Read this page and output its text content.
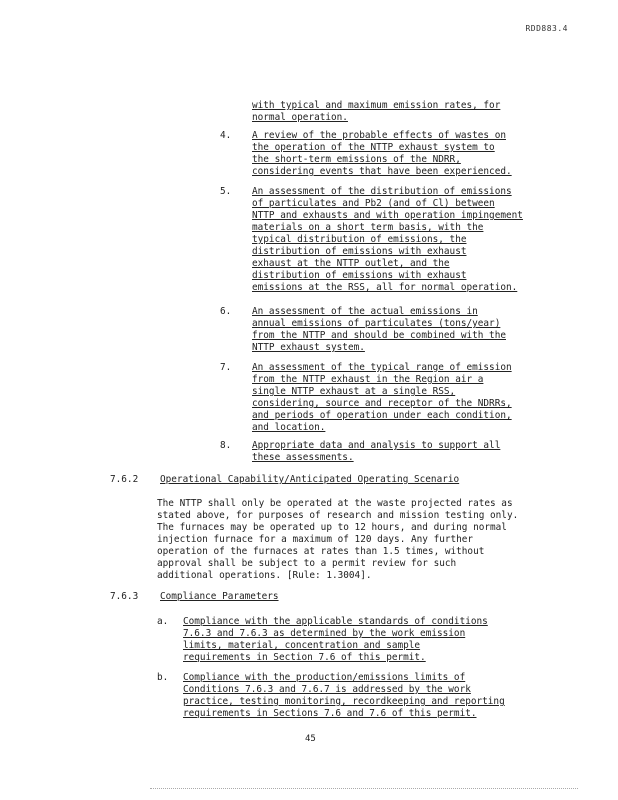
RDD883.4
with typical and maximum emission rates, for
normal operation.
4. A review of the probable effects of wastes on
the operation of the NTTP exhaust system to
the short-term emissions of the NDRR,
considering events that have been experienced.
5. An assessment of the distribution of emissions
of particulates and Pb2 (and of Cl) between
NTTP and exhausts and with operation impingement
materials on a short term basis, with the
typical distribution of emissions, the
distribution of emissions with exhaust
exhaust at the NTTP outlet, and the
distribution of emissions with exhaust
emissions at the RSS, all for normal operation.
6. An assessment of the actual emissions in
annual emissions of particulates (tons/year)
from the NTTP and should be combined with the
NTTP exhaust system.
7. An assessment of the typical range of emission
from the NTTP exhaust in the Region air a
single NTTP exhaust at a single RSS,
considering, source and receptor of the NDRRs,
and periods of operation under each condition,
and location.
8. Appropriate data and analysis to support all
these assessments.
7.6.2 Operational Capability/Anticipated Operating Scenario
The NTTP shall only be operated at the waste projected rates as
stated above, for purposes of research and mission testing only.
The furnaces may be operated up to 12 hours, and during normal
injection furnace for a maximum of 120 days. Any further
operation of the furnaces at rates than 1.5 times, without
approval shall be subject to a permit review for such
additional operations. [Rule: 1.3004].
7.6.3 Compliance Parameters
a. Compliance with the applicable standards of conditions
7.6.3 and 7.6.3 as determined by the work emission
limits, material, concentration and sample
requirements in Section 7.6 of this permit.
b. Compliance with the production/emissions limits of
Conditions 7.6.3 and 7.6.7 is addressed by the work
practice, testing monitoring, recordkeeping and reporting
requirements in Sections 7.6 and 7.6 of this permit.
45
